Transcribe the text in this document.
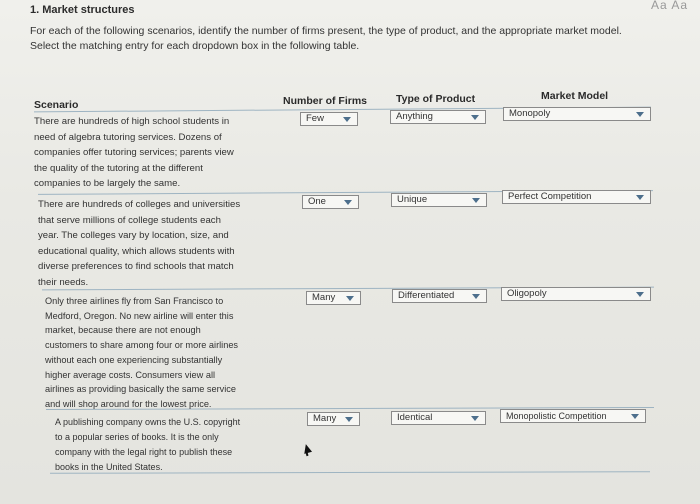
Aa Aa
1. Market structures
For each of the following scenarios, identify the number of firms present, the type of product, and the appropriate market model.
Select the matching entry for each dropdown box in the following table.
Scenario	Number of Firms	Type of Product	Market Model
There are hundreds of high school students in
need of algebra tutoring services. Dozens of
companies offer tutoring services; parents view
the quality of the tutoring at the different
companies to be largely the same.
Few	Anything	Monopoly
There are hundreds of colleges and universities
that serve millions of college students each
year. The colleges vary by location, size, and
educational quality, which allows students with
diverse preferences to find schools that match
their needs.
One	Unique	Perfect Competition
Only three airlines fly from San Francisco to
Medford, Oregon. No new airline will enter this
market, because there are not enough
customers to share among four or more airlines
without each one experiencing substantially
higher average costs. Consumers view all
airlines as providing basically the same service
and will shop around for the lowest price.
Many	Differentiated	Oligopoly
A publishing company owns the U.S. copyright
to a popular series of books. It is the only
company with the legal right to publish these
books in the United States.
Many	Identical	Monopolistic Competition
